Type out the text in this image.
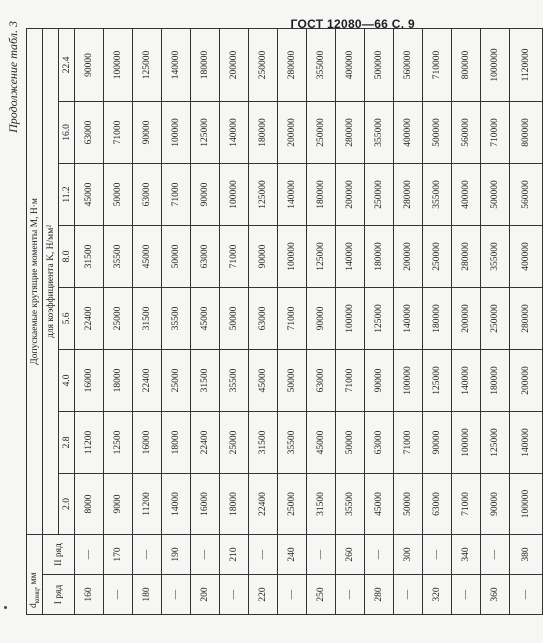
ГОСТ 12080—66 С. 9
Продолжение табл. 3
$d_{конц}$, мм		Допускаемые крутящие моменты M, Н·м							
I ряд	II ряд	для коэффициента K, Н/мм²							
		2.0	2.8	4.0	5.6	8.0	11.2	16.0	22.4
160	—	8000	11200	16000	22400	31500	45000	63000	90000
—	170	9000	12500	18000	25000	35500	50000	71000	100000
180	—	11200	16000	22400	31500	45000	63000	90000	125000
—	190	14000	18000	25000	35500	50000	71000	100000	140000
200	—	16000	22400	31500	45000	63000	90000	125000	180000
—	210	18000	25000	35500	50000	71000	100000	140000	200000
220	—	22400	31500	45000	63000	90000	125000	180000	250000
—	240	25000	35500	50000	71000	100000	140000	200000	280000
250	—	31500	45000	63000	90000	125000	180000	250000	355000
—	260	35500	50000	71000	100000	140000	200000	280000	400000
280	—	45000	63000	90000	125000	180000	250000	355000	500000
—	300	50000	71000	100000	140000	200000	280000	400000	560000
320	—	63000	90000	125000	180000	250000	355000	500000	710000
—	340	71000	100000	140000	200000	280000	400000	560000	800000
360	—	90000	125000	180000	250000	355000	500000	710000	1000000
—	380	100000	140000	200000	280000	400000	560000	800000	1120000
